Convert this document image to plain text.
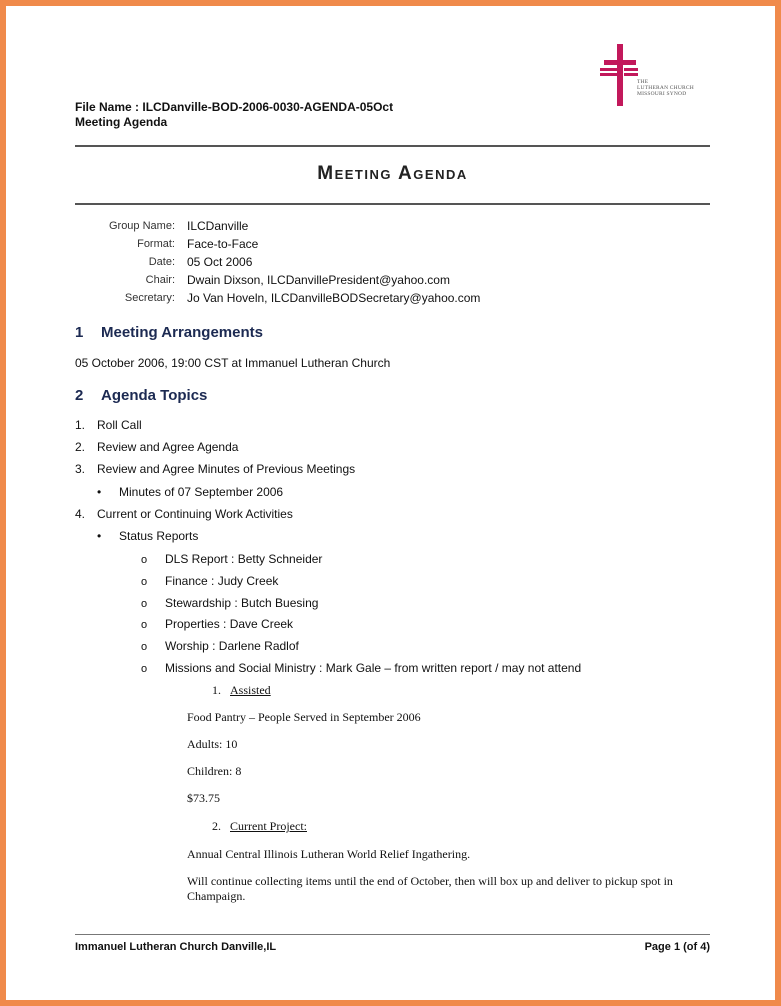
THE
LUTHERAN CHURCH
MISSOURI SYNOD
File Name : ILCDanville-BOD-2006-0030-AGENDA-05Oct
Meeting Agenda
Meeting Agenda
Group Name:	ILCDanville
Format:	Face-to-Face
Date:	05 Oct 2006
Chair:	Dwain Dixson, ILCDanvillePresident@yahoo.com
Secretary:	Jo Van Hoveln, ILCDanvilleBODSecretary@yahoo.com
1 Meeting Arrangements
05 October 2006, 19:00 CST at Immanuel Lutheran Church
2 Agenda Topics
1. Roll Call
2. Review and Agree Agenda
3. Review and Agree Minutes of Previous Meetings
• Minutes of 07 September 2006
4. Current or Continuing Work Activities
• Status Reports
o DLS Report : Betty Schneider
o Finance : Judy Creek
o Stewardship : Butch Buesing
o Properties : Dave Creek
o Worship : Darlene Radlof
o Missions and Social Ministry : Mark Gale – from written report / may not attend
1. Assisted
Food Pantry – People Served in September 2006
Adults: 10
Children: 8
$73.75
2. Current Project:
Annual Central Illinois Lutheran World Relief Ingathering.
Will continue collecting items until the end of October, then will box up and deliver to pickup spot in Champaign.
Immanuel Lutheran Church Danville,IL	Page 1 (of 4)
